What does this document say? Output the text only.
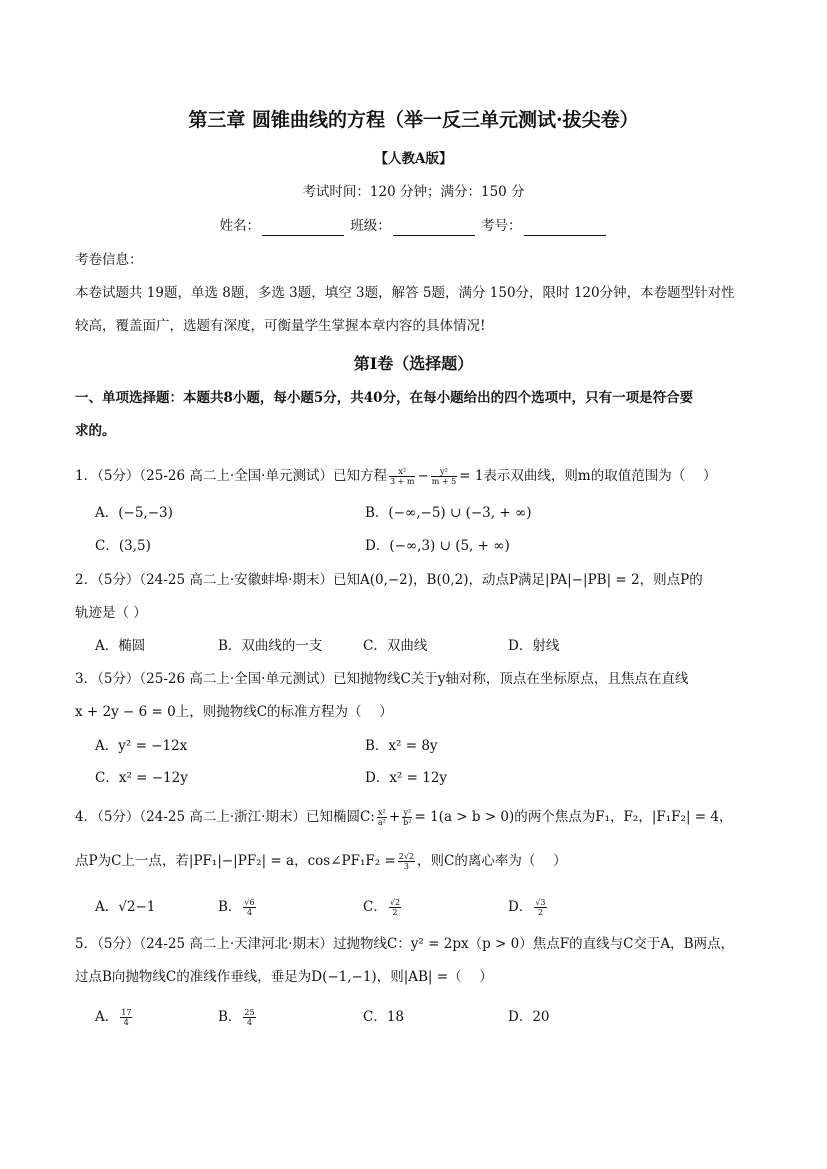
第三章 圆锥曲线的方程（举一反三单元测试·拔尖卷）
【人教A版】
考试时间：120 分钟；满分：150 分
姓名：	班级：	考号：
考卷信息：
本卷试题共 19题，单选 8题，多选 3题，填空 3题，解答 5题，满分 150分，限时 120分钟，本卷题型针对性
较高，覆盖面广，选题有深度，可衡量学生掌握本章内容的具体情况!
第Ⅰ卷（选择题）
一、单项选择题：本题共8小题，每小题5分，共40分，在每小题给出的四个选项中，只有一项是符合要
求的。
1．（5分）（25-26 高二上·全国·单元测试）已知方程 $\frac{\text{x²}}{3 + m} - \frac{\text{y²}}{m + 5} = 1$表示双曲线，则m的取值范围为（　 ）
A．(−5,−3)	B．(−∞,−5) ∪ (−3, + ∞)
C．(3,5)	D．(−∞,3) ∪ (5, + ∞)
2．（5分）（24-25 高二上·安徽蚌埠·期末）已知A(0,−2)，B(0,2)，动点P满足|PA|−|PB| = 2，则点P的
轨迹是（ ）
A．椭圆	B．双曲线的一支	C．双曲线	D．射线
3．（5分）（25-26 高二上·全国·单元测试）已知抛物线C关于y轴对称，顶点在坐标原点，且焦点在直线
x + 2y − 6 = 0上，则抛物线C的标准方程为（　 ）
A．y² = −12x	B．x² = 8y
C．x² = −12y	D．x² = 12y
4．（5分）（24-25 高二上·浙江·期末）已知椭圆C: $\frac{\text{x²}}{\text{a²}} + \frac{\text{y²}}{\text{b²}} = 1(a > b > 0)$的两个焦点为F₁，F₂，|F₁F₂| = 4，
点P为C上一点，若|PF₁|−|PF₂| = a，cos∠PF₁F₂ = $\frac{2√2}{3}$ ，则C的离心率为（　 ）
A．√2−1	B． $\frac{√6}{4}$	C． $\frac{√2}{2}$	D． $\frac{√3}{2}$
5．（5分）（24-25 高二上·天津河北·期末）过抛物线C：y² = 2px（p > 0）焦点F的直线与C交于A，B两点，
过点B向抛物线C的准线作垂线，垂足为D(−1,−1)，则|AB| =（　 ）
A． $\frac{17}{4}$	B． $\frac{25}{4}$	C．18	D．20
